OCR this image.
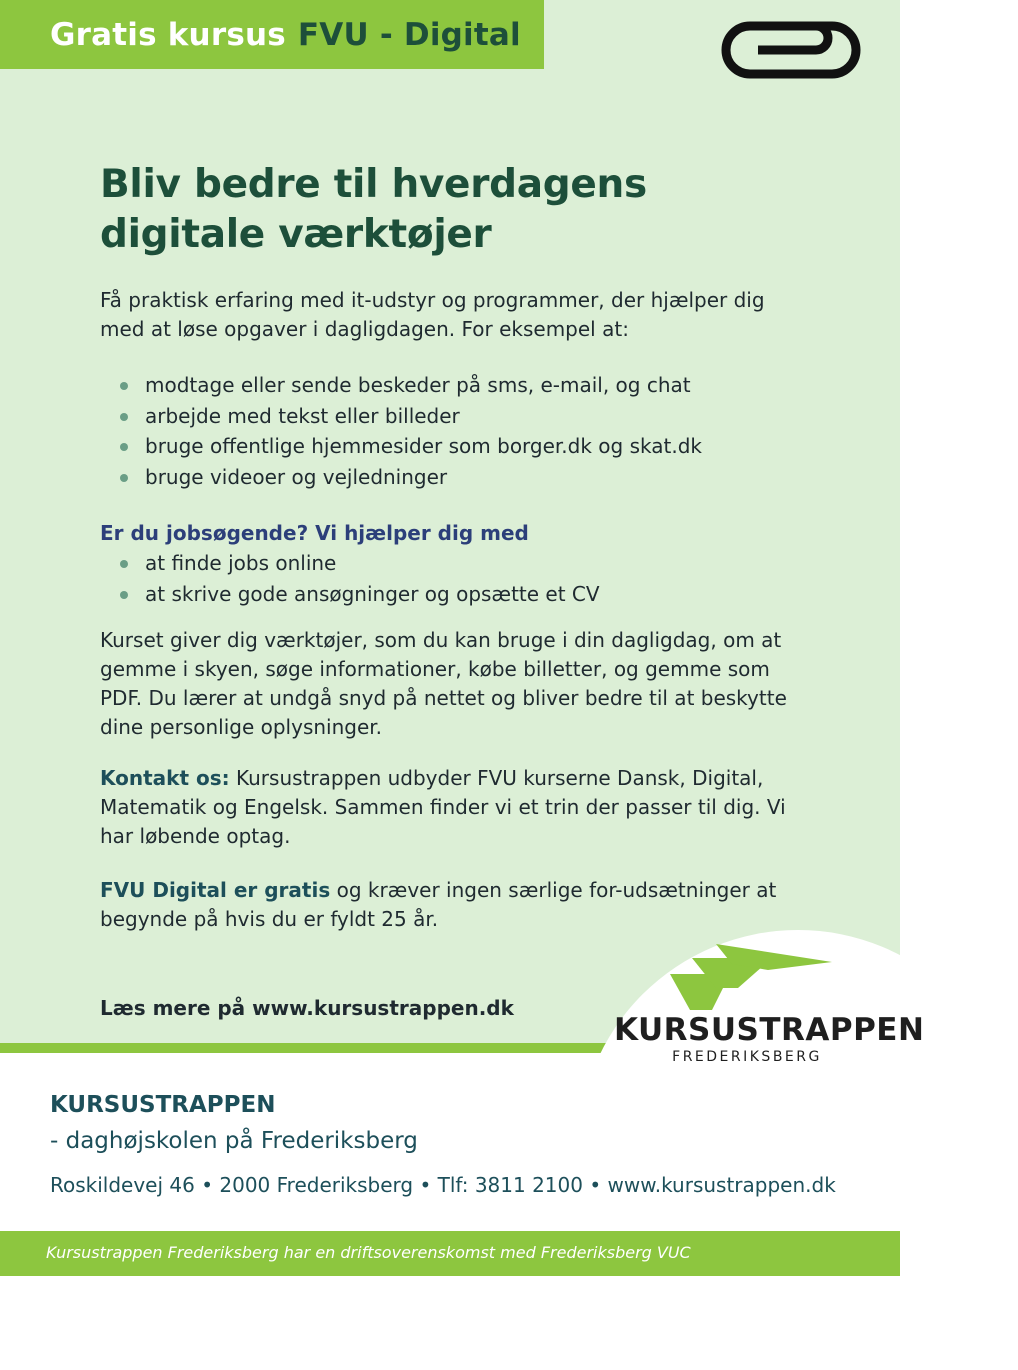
Gratis kursus FVU - Digital
Bliv bedre til hverdagens
digitale værktøjer

Få praktisk erfaring med it-udstyr og programmer, der hjælper dig med at løse opgaver i dagligdagen. For eksempel at:

modtage eller sende beskeder på sms, e-mail, og chat
arbejde med tekst eller billeder
bruge offentlige hjemmesider som borger.dk og skat.dk
bruge videoer og vejledninger

Er du jobsøgende? Vi hjælper dig med

at finde jobs online
at skrive gode ansøgninger og opsætte et CV

Kurset giver dig værktøjer, som du kan bruge i din dagligdag, om at gemme i skyen, søge informationer, købe billetter, og gemme som PDF. Du lærer at undgå snyd på nettet og bliver bedre til at beskytte dine personlige oplysninger.

Kontakt os: Kursustrappen udbyder FVU kurserne Dansk, Digital, Matematik og Engelsk. Sammen finder vi et trin der passer til dig. Vi har løbende optag.

FVU Digital er gratis og kræver ingen særlige for-udsætninger at begynde på hvis du er fyldt 25 år.

Læs mere på www.kursustrappen.dk

KURSUSTRAPPEN
FREDERIKSBERG

KURSUSTRAPPEN

- daghøjskolen på Frederiksberg

Roskildevej 46 • 2000 Frederiksberg • Tlf: 3811 2100 • www.kursustrappen.dk

Kursustrappen Frederiksberg har en driftsoverenskomst med Frederiksberg VUC
